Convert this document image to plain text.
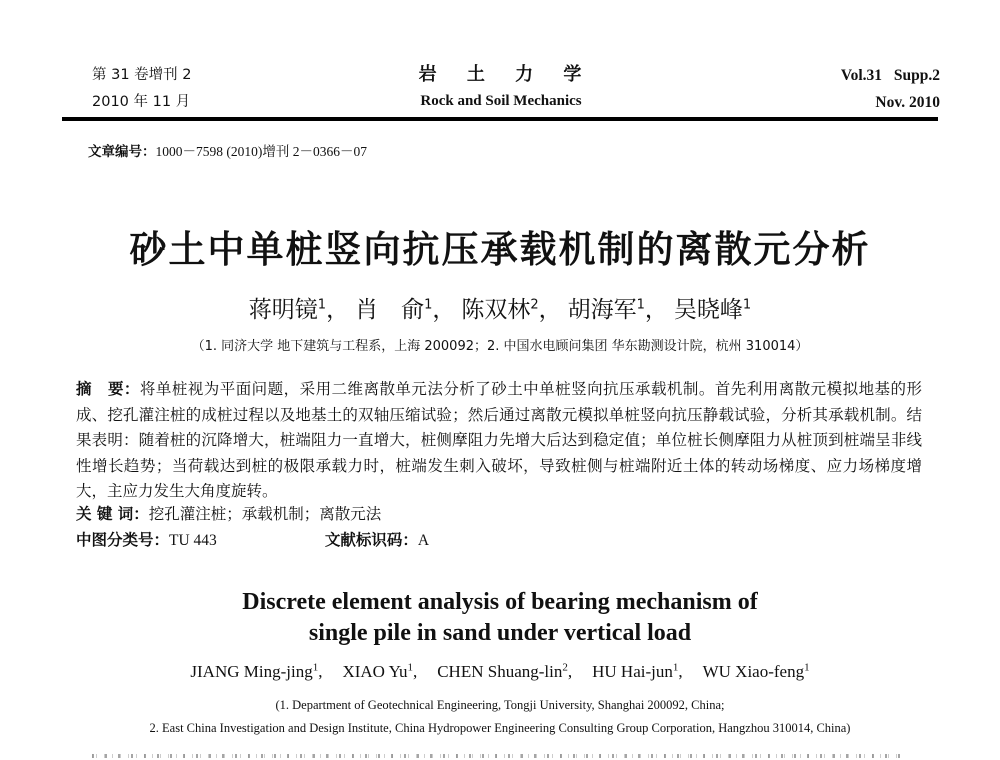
第 31 卷增刊 2
2010 年 11 月
岩 土 力 学
Rock and Soil Mechanics
Vol.31 Supp.2
Nov. 2010
文章编号：1000－7598 (2010)增刊 2－0366－07
砂土中单桩竖向抗压承载机制的离散元分析
蒋明镜$^1$， 肖　俞$^1$， 陈双林$^2$， 胡海军$^1$， 吴晓峰$^1$
（1. 同济大学 地下建筑与工程系，上海 200092；2. 中国水电顾问集团 华东勘测设计院，杭州 310014）

摘　要：将单桩视为平面问题，采用二维离散单元法分析了砂土中单桩竖向抗压承载机制。首先利用离散元模拟地基的形成、挖孔灌注桩的成桩过程以及地基土的双轴压缩试验；然后通过离散元模拟单桩竖向抗压静载试验，分析其承载机制。结果表明：随着桩的沉降增大，桩端阻力一直增大，桩侧摩阻力先增大后达到稳定值；单位桩长侧摩阻力从桩顶到桩端呈非线性增长趋势；当荷载达到桩的极限承载力时，桩端发生刺入破坏，导致桩侧与桩端附近土体的转动场梯度、应力场梯度增大，主应力发生大角度旋转。

关 键 词：挖孔灌注桩；承载机制；离散元法

中图分类号：TU 443	文献标识码：A

Discrete element analysis of bearing mechanism of
single pile in sand under vertical load
JIANG Ming-jing$^1$, XIAO Yu$^1$, CHEN Shuang-lin$^2$, HU Hai-jun$^1$, WU Xiao-feng$^1$
(1. Department of Geotechnical Engineering, Tongji University, Shanghai 200092, China;
2. East China Investigation and Design Institute, China Hydropower Engineering Consulting Group Corporation, Hangzhou 310014, China)
